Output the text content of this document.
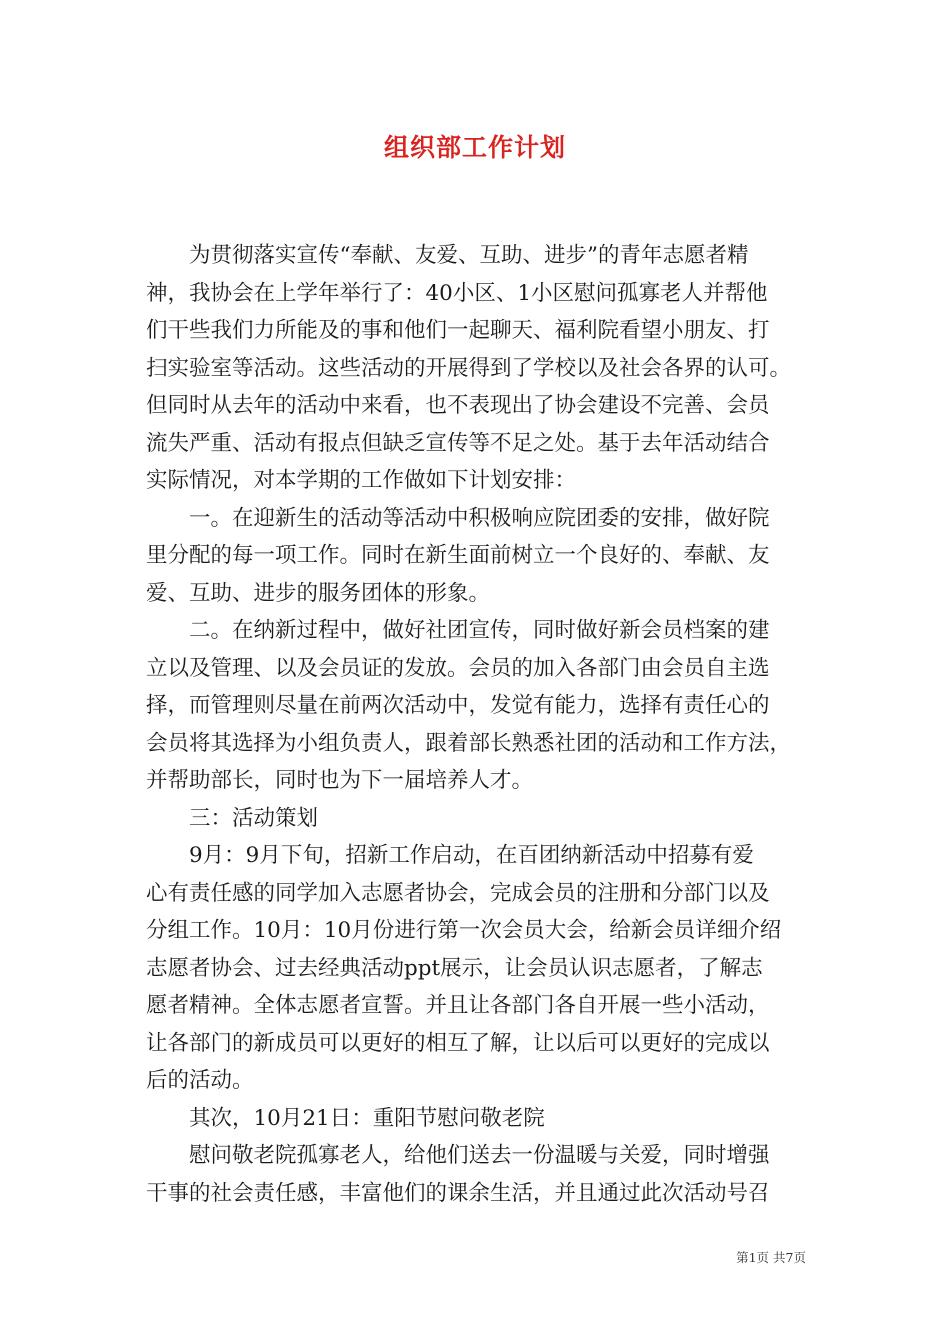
组织部工作计划
为贯彻落实宣传“奉献、友爱、互助、进步”的青年志愿者精
神，我协会在上学年举行了：40小区、1小区慰问孤寡老人并帮他
们干些我们力所能及的事和他们一起聊天、福利院看望小朋友、打
扫实验室等活动。这些活动的开展得到了学校以及社会各界的认可。
但同时从去年的活动中来看，也不表现出了协会建设不完善、会员
流失严重、活动有报点但缺乏宣传等不足之处。基于去年活动结合
实际情况，对本学期的工作做如下计划安排：
一。在迎新生的活动等活动中积极响应院团委的安排，做好院
里分配的每一项工作。同时在新生面前树立一个良好的、奉献、友
爱、互助、进步的服务团体的形象。
二。在纳新过程中，做好社团宣传，同时做好新会员档案的建
立以及管理、以及会员证的发放。会员的加入各部门由会员自主选
择，而管理则尽量在前两次活动中，发觉有能力，选择有责任心的
会员将其选择为小组负责人，跟着部长熟悉社团的活动和工作方法，
并帮助部长，同时也为下一届培养人才。
三：活动策划
9月：9月下旬，招新工作启动，在百团纳新活动中招募有爱
心有责任感的同学加入志愿者协会，完成会员的注册和分部门以及
分组工作。10月：10月份进行第一次会员大会，给新会员详细介绍
志愿者协会、过去经典活动ppt展示，让会员认识志愿者，了解志
愿者精神。全体志愿者宣誓。并且让各部门各自开展一些小活动，
让各部门的新成员可以更好的相互了解，让以后可以更好的完成以
后的活动。
其次，10月21日：重阳节慰问敬老院
慰问敬老院孤寡老人，给他们送去一份温暖与关爱，同时增强
干事的社会责任感，丰富他们的课余生活，并且通过此次活动号召
第1页 共7页
